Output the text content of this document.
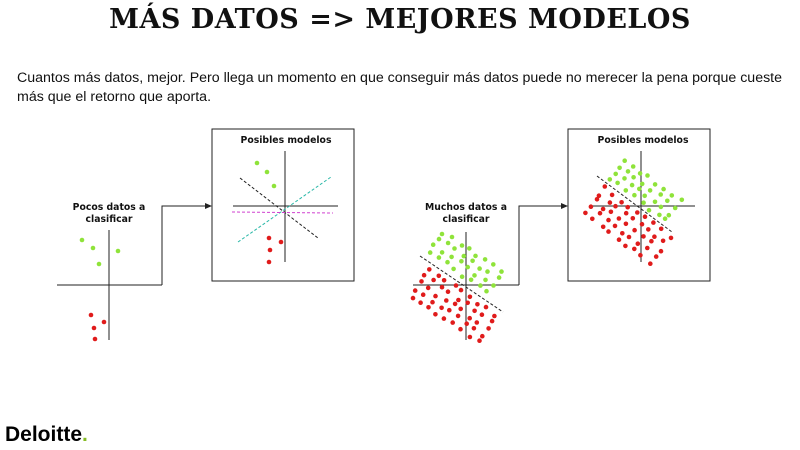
MÁS DATOS => MEJORES MODELOS
Cuantos más datos, mejor. Pero llega un momento en que conseguir más datos puede no merecer la pena porque cueste más que el retorno que aporta.
Pocos datos a
clasificar
Posibles modelos
Muchos datos a
clasificar
Posibles modelos
Deloitte.
